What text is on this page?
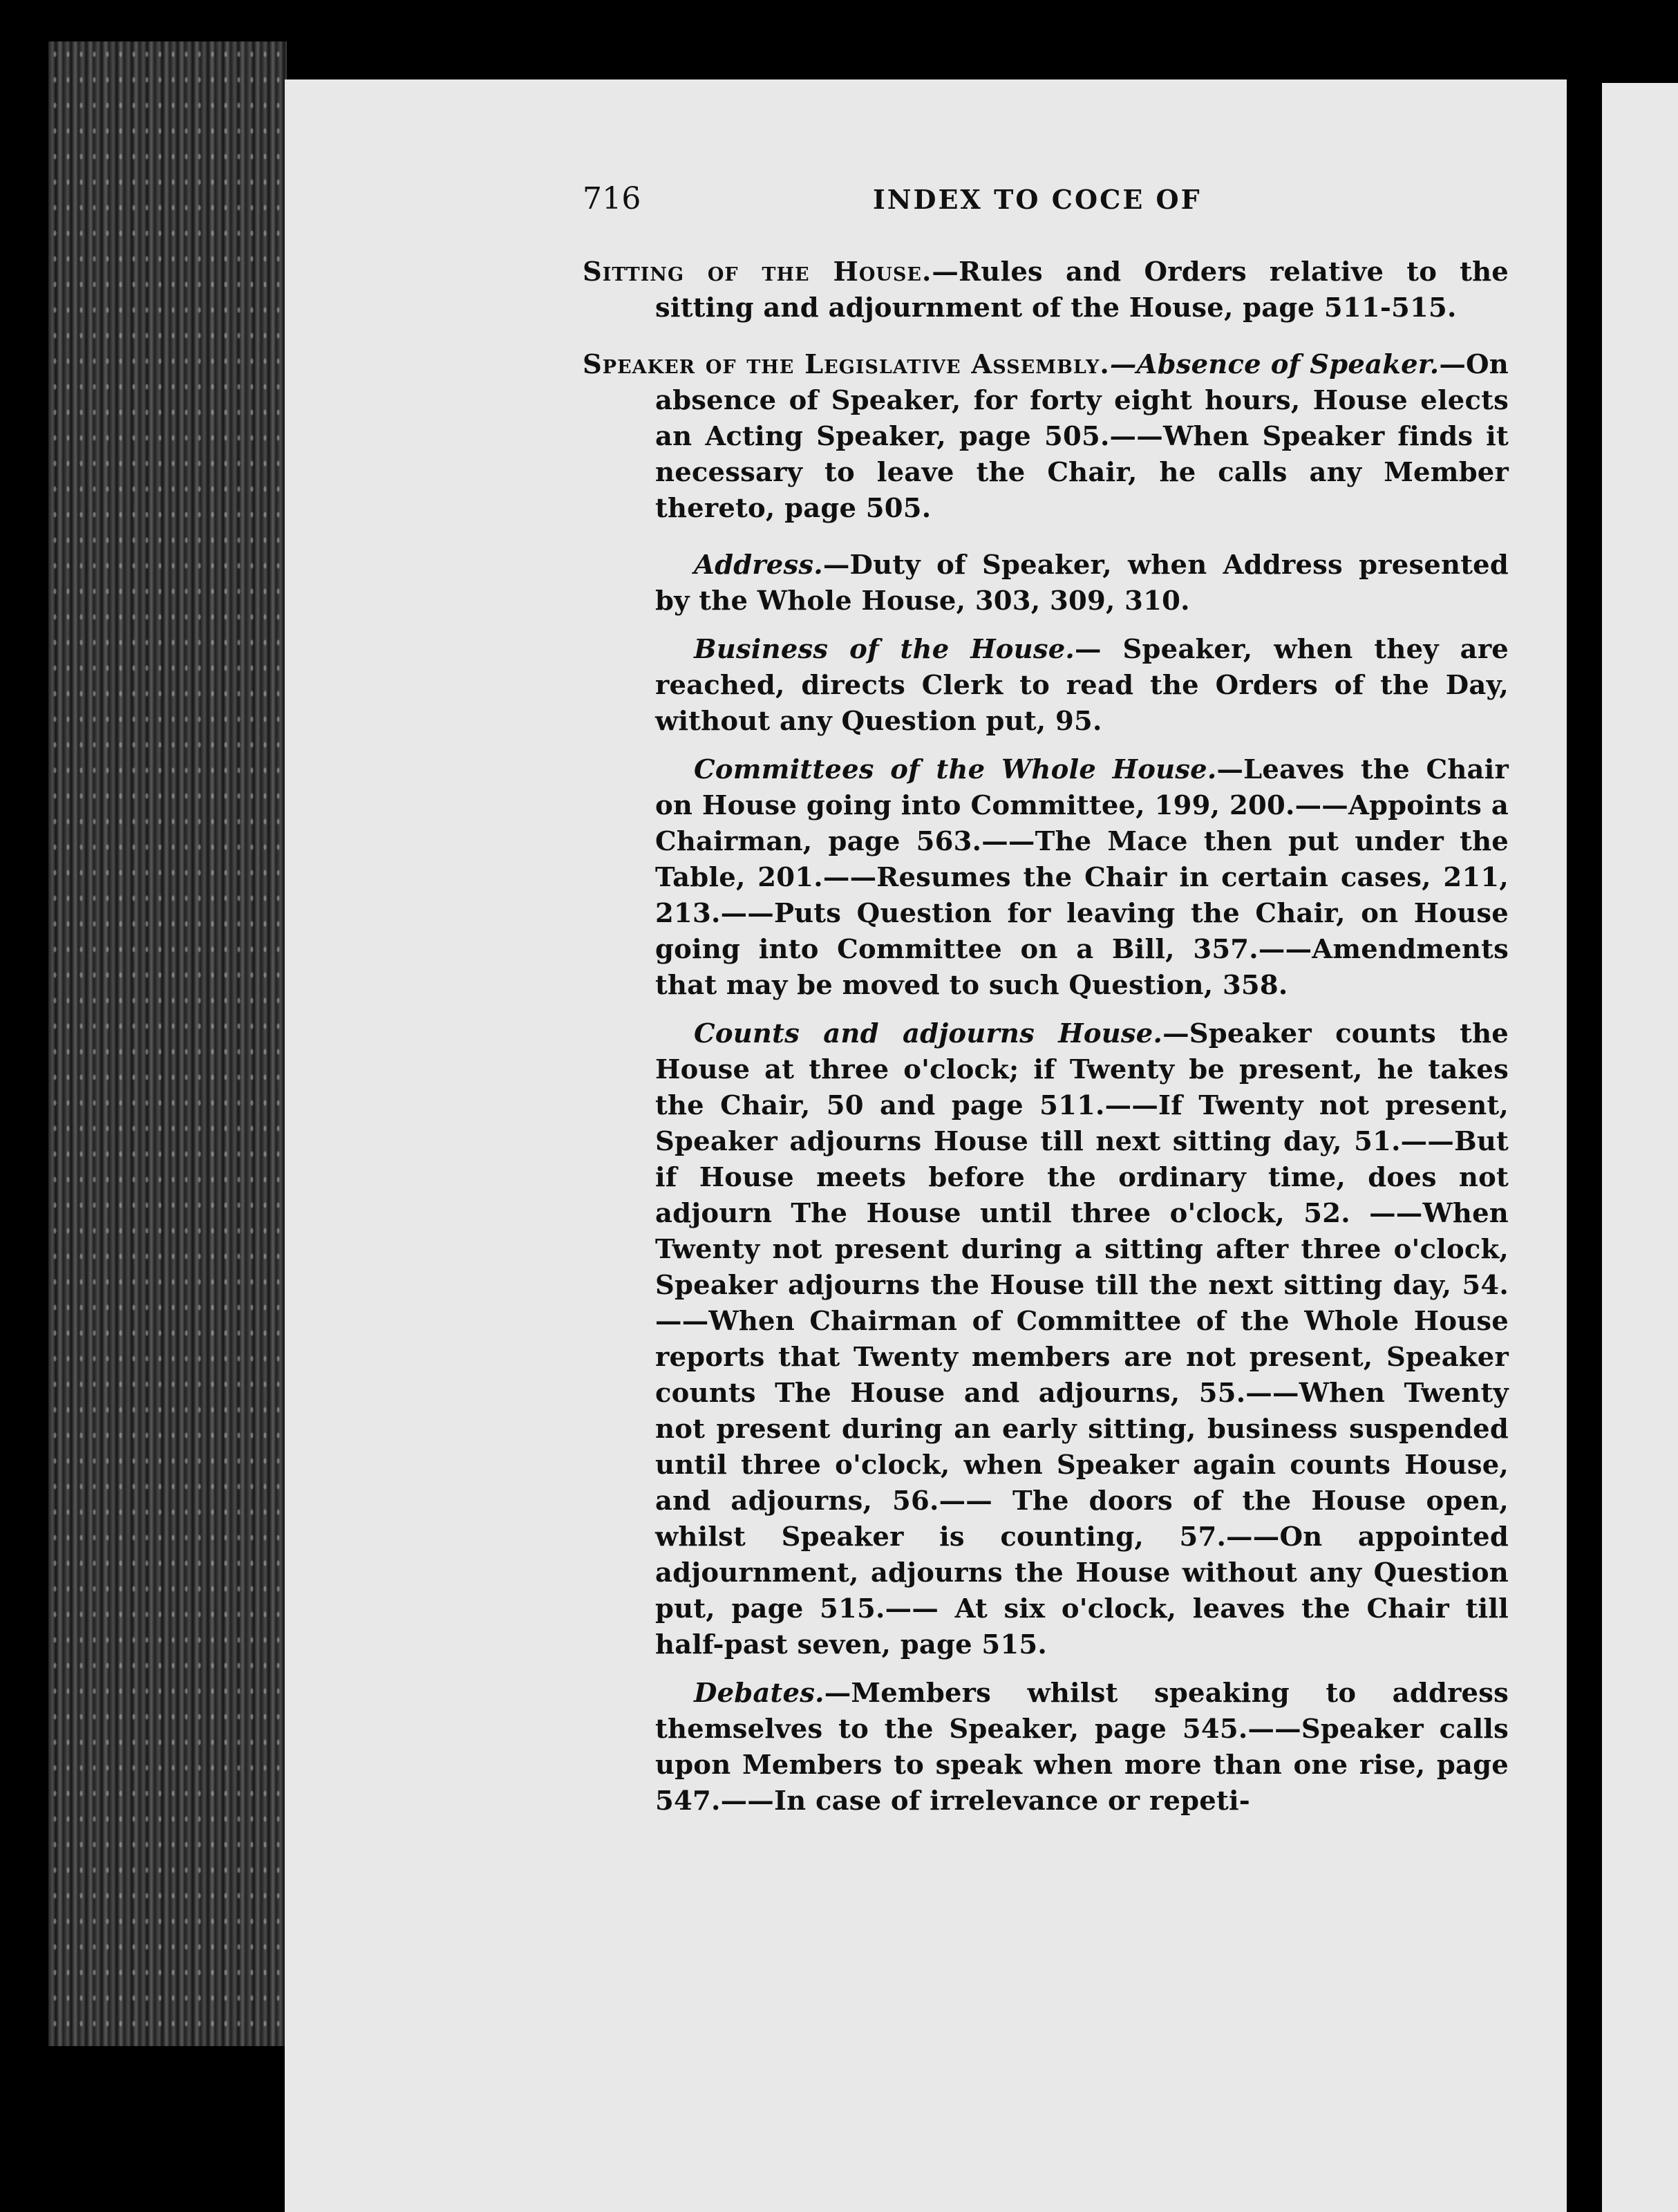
716	INDEX TO COCE OF

Sitting of the House.—Rules and Orders relative to the sitting and adjournment of the House, page 511-515.

Speaker of the Legislative Assembly.—Absence of Speaker.—On absence of Speaker, for forty eight hours, House elects an Acting Speaker, page 505.——When Speaker finds it necessary to leave the Chair, he calls any Member thereto, page 505.

Address.—Duty of Speaker, when Address presented by the Whole House, 303, 309, 310.

Business of the House.— Speaker, when they are reached, directs Clerk to read the Orders of the Day, without any Question put, 95.

Committees of the Whole House.—Leaves the Chair on House going into Committee, 199, 200.——Appoints a Chairman, page 563.——The Mace then put under the Table, 201.——Resumes the Chair in certain cases, 211, 213.——Puts Question for leaving the Chair, on House going into Committee on a Bill, 357.——Amendments that may be moved to such Question, 358.

Counts and adjourns House.—Speaker counts the House at three o'clock; if Twenty be present, he takes the Chair, 50 and page 511.——If Twenty not present, Speaker adjourns House till next sitting day, 51.——But if House meets before the ordinary time, does not adjourn The House until three o'clock, 52. ——When Twenty not present during a sitting after three o'clock, Speaker adjourns the House till the next sitting day, 54.——When Chairman of Committee of the Whole House reports that Twenty members are not present, Speaker counts The House and adjourns, 55.——When Twenty not present during an early sitting, business suspended until three o'clock, when Speaker again counts House, and adjourns, 56.—— The doors of the House open, whilst Speaker is counting, 57.——On appointed adjournment, adjourns the House without any Question put, page 515.—— At six o'clock, leaves the Chair till half-past seven, page 515.

Debates.—Members whilst speaking to address themselves to the Speaker, page 545.——Speaker calls upon Members to speak when more than one rise, page 547.——In case of irrelevance or repeti-
